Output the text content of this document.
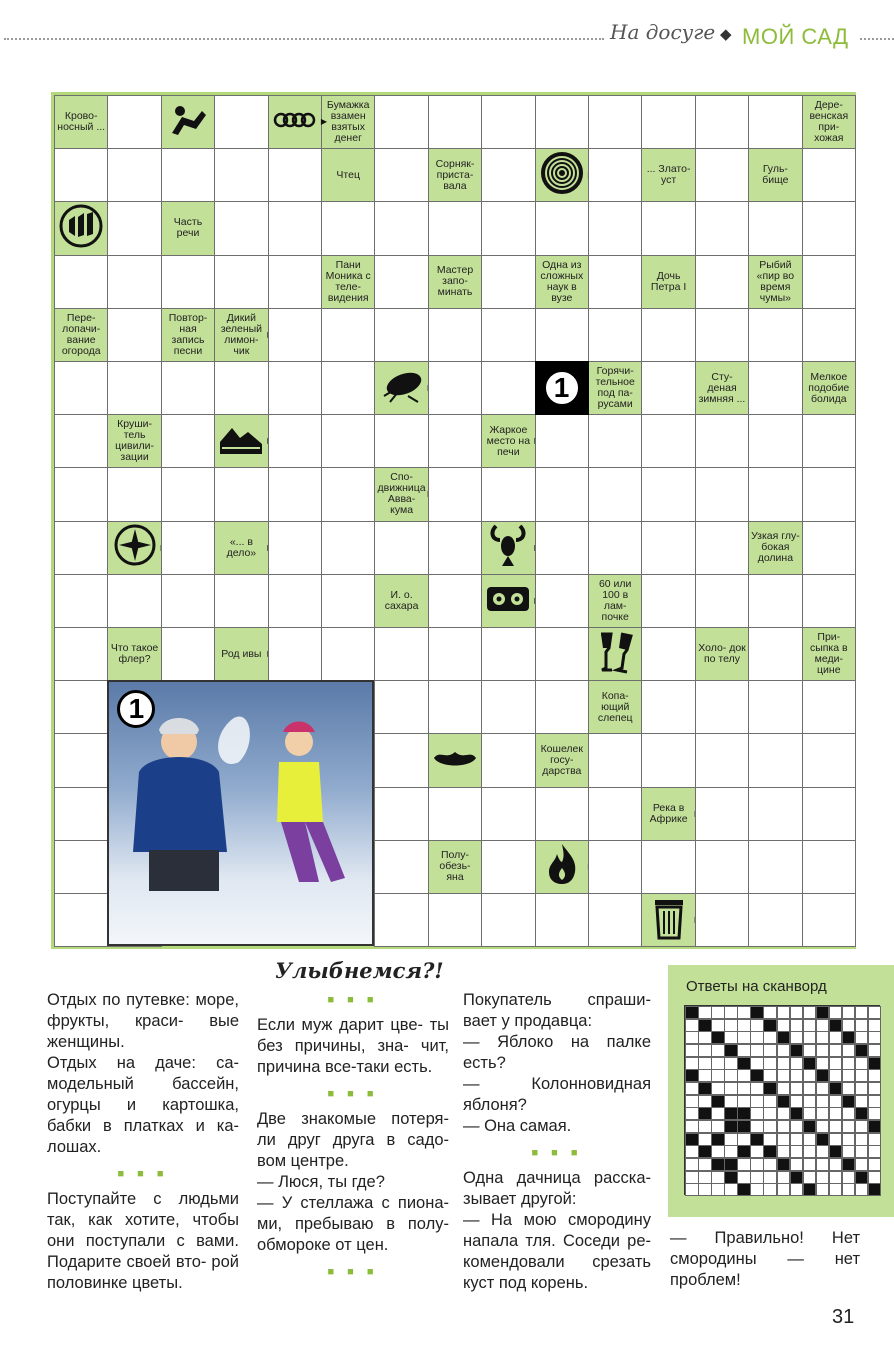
На досуге ◆ МОЙ САД
Крово- носный ...
Бумажка взамен взятых денег
Дере- венская при- хожая
Чтец
Сорняк- приста- вала
... Злато- уст
Гуль- бище
Часть речи
Пани Моника с теле- видения
Мастер запо- минать
Одна из сложных наук в вузе
Дочь Петра I
Рыбий «пир во время чумы»
Пере- лопачи- вание огорода
Повтор- ная запись песни
Дикий зеленый лимон- чик
Горячи- тельное под па- русами
Сту- деная зимняя ...
Мелкое подобие болида
Круши- тель цивили- зации
Жаркое место на печи
Спо- движница Авва- кума
«... в дело»
Узкая глу- бокая долина
И. о. сахара
60 или 100 в лам- почке
Что такое флер?	Род ивы	Холо- док по телу
При- сыпка в меди- цине
Копа- ющий слепец
Кошелек госу- дарства
Река в Африке
Полу- обезь- яна
▶
Улыбнемся?!

Отдых по путевке: море, фрукты, краси- вые женщины.

Отдых на даче: са- модельный бассейн, огурцы и картошка, бабки в платках и ка- лошах.

■ ■ ■

Поступайте с людьми так, как хотите, чтобы они поступали с вами. Подарите своей вто- рой половинке цветы.

■ ■ ■

Если муж дарит цве- ты без причины, зна- чит, причина все-таки есть.

■ ■ ■

Две знакомые потеря- ли друг друга в садо- вом центре.

— Люся, ты где?

— У стеллажа с пионa- ми, пребываю в полу- обмороке от цен.

■ ■ ■

Покупатель спраши- вает у продавца:

— Яблоко на палке есть?

— Колонновидная яблоня?

— Она самая.

■ ■ ■

Одна дачница расска- зывает другой:

— На мою смородину напала тля. Соседи ре- комендовали срезать куст под корень.

Ответы на сканворд
— Правильно! Нет смородины — нет проблем!
31
1
1
